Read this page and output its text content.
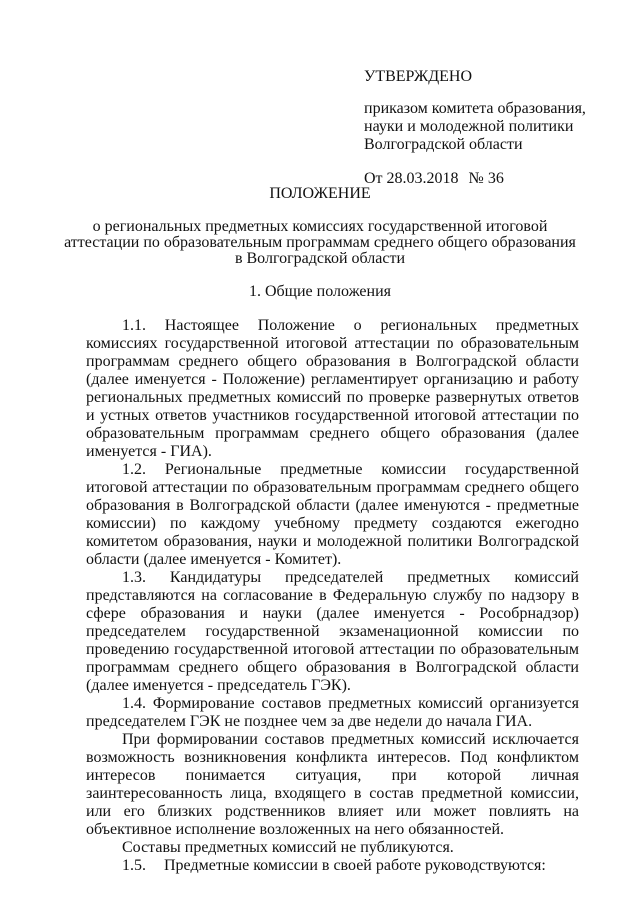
УТВЕРЖДЕНО

приказом комитета образования,

науки и молодежной политики

Волгоградской области

От 28.03.2018 № 36

ПОЛОЖЕНИЕ

о региональных предметных комиссиях государственной итоговой

аттестации по образовательным программам среднего общего образования

в Волгоградской области

1. Общие положения

1.1. Настоящее Положение о региональных предметных комиссиях государственной итоговой аттестации по образовательным программам среднего общего образования в Волгоградской области (далее именуется - Положение) регламентирует организацию и работу региональных предметных комиссий по проверке развернутых ответов и устных ответов участников государственной итоговой аттестации по образовательным программам среднего общего образования (далее именуется - ГИА).

1.2. Региональные предметные комиссии государственной итоговой аттестации по образовательным программам среднего общего образования в Волгоградской области (далее именуются - предметные комиссии) по каждому учебному предмету создаются ежегодно комитетом образования, науки и молодежной политики Волгоградской области (далее именуется - Комитет).

1.3. Кандидатуры председателей предметных комиссий представляются на согласование в Федеральную службу по надзору в сфере образования и науки (далее именуется - Рособрнадзор) председателем государственной экзаменационной комиссии по проведению государственной итоговой аттестации по образовательным программам среднего общего образования в Волгоградской области (далее именуется - председатель ГЭК).

1.4. Формирование составов предметных комиссий организуется председателем ГЭК не позднее чем за две недели до начала ГИА.

При формировании составов предметных комиссий исключается возможность возникновения конфликта интересов. Под конфликтом интересов понимается ситуация, при которой личная заинтересованность лица, входящего в состав предметной комиссии, или его близких родственников влияет или может повлиять на объективное исполнение возложенных на него обязанностей.

Составы предметных комиссий не публикуются.

1.5. Предметные комиссии в своей работе руководствуются:
